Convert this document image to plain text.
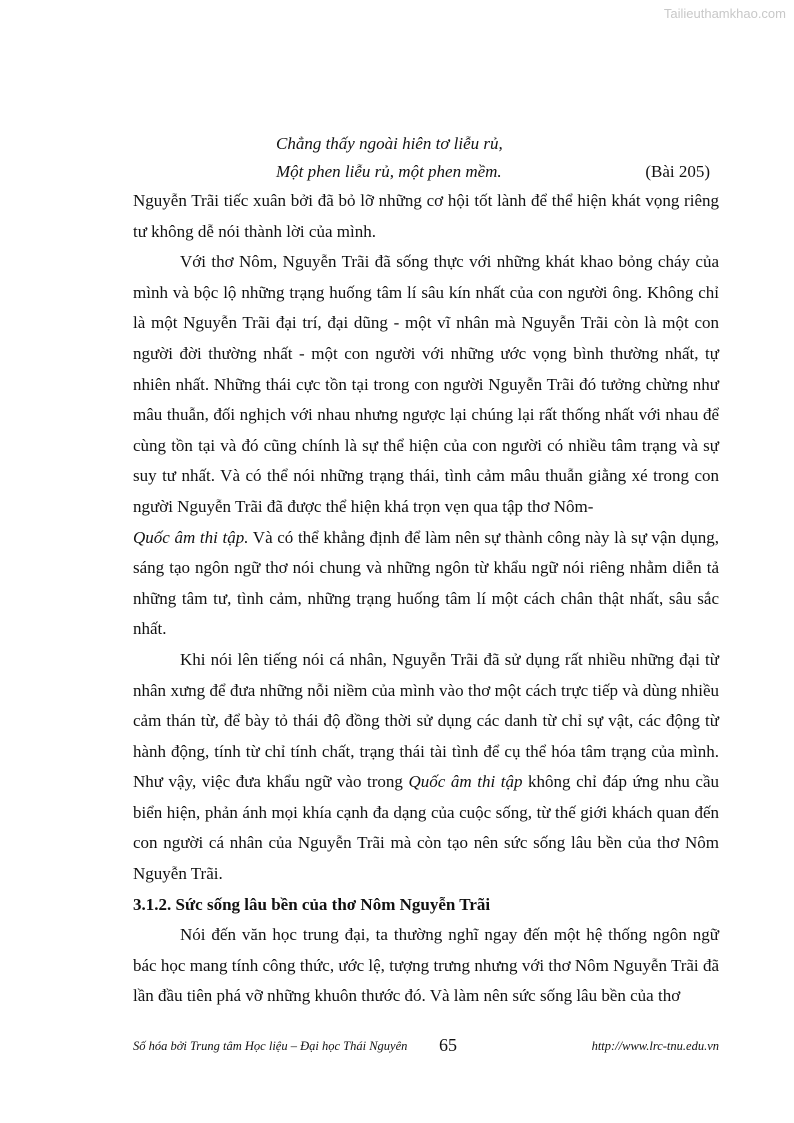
Tailieuthamkhao.com
Chẳng thấy ngoài hiên tơ liễu rủ,
Một phen liễu rủ, một phen mềm.	(Bài 205)

Nguyễn Trãi tiếc xuân bởi đã bỏ lỡ những cơ hội tốt lành để thể hiện khát vọng riêng tư không dễ nói thành lời của mình.

Với thơ Nôm, Nguyễn Trãi đã sống thực với những khát khao bỏng cháy của mình và bộc lộ những trạng huống tâm lí sâu kín nhất của con người ông. Không chỉ là một Nguyễn Trãi đại trí, đại dũng - một vĩ nhân mà Nguyễn Trãi còn là một con người đời thường nhất - một con người với những ước vọng bình thường nhất, tự nhiên nhất. Những thái cực tồn tại trong con người Nguyễn Trãi đó tưởng chừng như mâu thuẫn, đối nghịch với nhau nhưng ngược lại chúng lại rất thống nhất với nhau để cùng tồn tại và đó cũng chính là sự thể hiện của con người có nhiều tâm trạng và sự suy tư nhất. Và có thể nói những trạng thái, tình cảm mâu thuẫn giằng xé trong con người Nguyễn Trãi đã được thể hiện khá trọn vẹn qua tập thơ Nôm-
Quốc âm thi tập. Và có thể khẳng định để làm nên sự thành công này là sự vận dụng, sáng tạo ngôn ngữ thơ nói chung và những ngôn từ khẩu ngữ nói riêng nhằm diễn tả những tâm tư, tình cảm, những trạng huống tâm lí một cách chân thật nhất, sâu sắc nhất.

Khi nói lên tiếng nói cá nhân, Nguyễn Trãi đã sử dụng rất nhiều những đại từ nhân xưng để đưa những nỗi niềm của mình vào thơ một cách trực tiếp và dùng nhiều cảm thán từ, để bày tỏ thái độ đồng thời sử dụng các danh từ chỉ sự vật, các động từ hành động, tính từ chỉ tính chất, trạng thái tài tình để cụ thể hóa tâm trạng của mình. Như vậy, việc đưa khẩu ngữ vào trong Quốc âm thi tập không chỉ đáp ứng nhu cầu biển hiện, phản ánh mọi khía cạnh đa dạng của cuộc sống, từ thế giới khách quan đến con người cá nhân của Nguyễn Trãi mà còn tạo nên sức sống lâu bền của thơ Nôm Nguyễn Trãi.

3.1.2. Sức sống lâu bền của thơ Nôm Nguyễn Trãi

Nói đến văn học trung đại, ta thường nghĩ ngay đến một hệ thống ngôn ngữ bác học mang tính công thức, ước lệ, tượng trưng nhưng với thơ Nôm Nguyễn Trãi đã lần đầu tiên phá vỡ những khuôn thước đó. Và làm nên sức sống lâu bền của thơ

Số hóa bởi Trung tâm Học liệu – Đại học Thái Nguyên 65	http://www.lrc-tnu.edu.vn
